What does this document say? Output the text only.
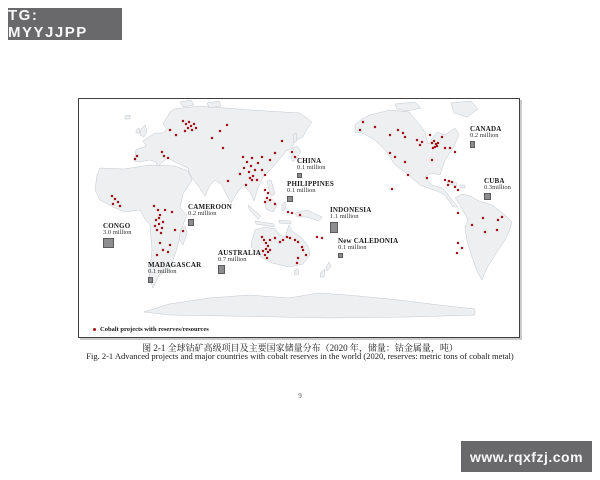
TG: MYYJJPP
CONGO
3.0 million
MADAGASCAR
0.1 million
CAMEROON
0.2 million
AUSTRALIA
0.7 million
CHINA
0.1 million
PHILIPPINES
0.1 million
INDONESIA
1.1 million
New CALEDONIA
0.1 million
CANADA
0.2 million
CUBA
0.3million
Cobalt projects with reserves/resources
图 2-1 全球钴矿高级项目及主要国家储量分布（2020 年，储量：钴金属量，吨）
Fig. 2-1 Advanced projects and major countries with cobalt reserves in the world (2020, reserves: metric tons of cobalt metal)
9
www.rqxfzj.com
